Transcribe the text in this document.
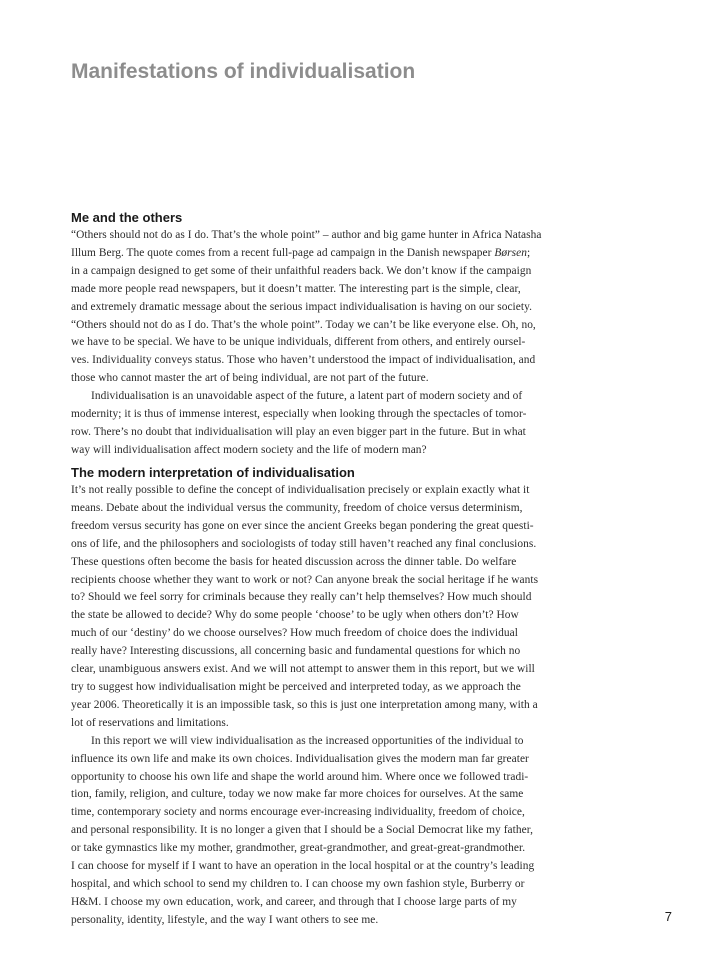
Manifestations of individualisation
Me and the others
“Others should not do as I do. That’s the whole point” – author and big game hunter in Africa Natasha
Illum Berg. The quote comes from a recent full-page ad campaign in the Danish newspaper Børsen;
in a campaign designed to get some of their unfaithful readers back. We don’t know if the campaign
made more people read newspapers, but it doesn’t matter. The interesting part is the simple, clear,
and extremely dramatic message about the serious impact individualisation is having on our society.
“Others should not do as I do. That’s the whole point”. Today we can’t be like everyone else. Oh, no,
we have to be special. We have to be unique individuals, different from others, and entirely oursel-
ves. Individuality conveys status. Those who haven’t understood the impact of individualisation, and
those who cannot master the art of being individual, are not part of the future.
Individualisation is an unavoidable aspect of the future, a latent part of modern society and of
modernity; it is thus of immense interest, especially when looking through the spectacles of tomor-
row. There’s no doubt that individualisation will play an even bigger part in the future. But in what
way will individualisation affect modern society and the life of modern man?
The modern interpretation of individualisation
It’s not really possible to define the concept of individualisation precisely or explain exactly what it
means. Debate about the individual versus the community, freedom of choice versus determinism,
freedom versus security has gone on ever since the ancient Greeks began pondering the great questi-
ons of life, and the philosophers and sociologists of today still haven’t reached any final conclusions.
These questions often become the basis for heated discussion across the dinner table. Do welfare
recipients choose whether they want to work or not? Can anyone break the social heritage if he wants
to? Should we feel sorry for criminals because they really can’t help themselves? How much should
the state be allowed to decide? Why do some people ‘choose’ to be ugly when others don’t? How
much of our ‘destiny’ do we choose ourselves? How much freedom of choice does the individual
really have? Interesting discussions, all concerning basic and fundamental questions for which no
clear, unambiguous answers exist. And we will not attempt to answer them in this report, but we will
try to suggest how individualisation might be perceived and interpreted today, as we approach the
year 2006. Theoretically it is an impossible task, so this is just one interpretation among many, with a
lot of reservations and limitations.
In this report we will view individualisation as the increased opportunities of the individual to
influence its own life and make its own choices. Individualisation gives the modern man far greater
opportunity to choose his own life and shape the world around him. Where once we followed tradi-
tion, family, religion, and culture, today we now make far more choices for ourselves. At the same
time, contemporary society and norms encourage ever-increasing individuality, freedom of choice,
and personal responsibility. It is no longer a given that I should be a Social Democrat like my father,
or take gymnastics like my mother, grandmother, great-grandmother, and great-great-grandmother.
I can choose for myself if I want to have an operation in the local hospital or at the country’s leading
hospital, and which school to send my children to. I can choose my own fashion style, Burberry or
H&M. I choose my own education, work, and career, and through that I choose large parts of my
personality, identity, lifestyle, and the way I want others to see me.	7
